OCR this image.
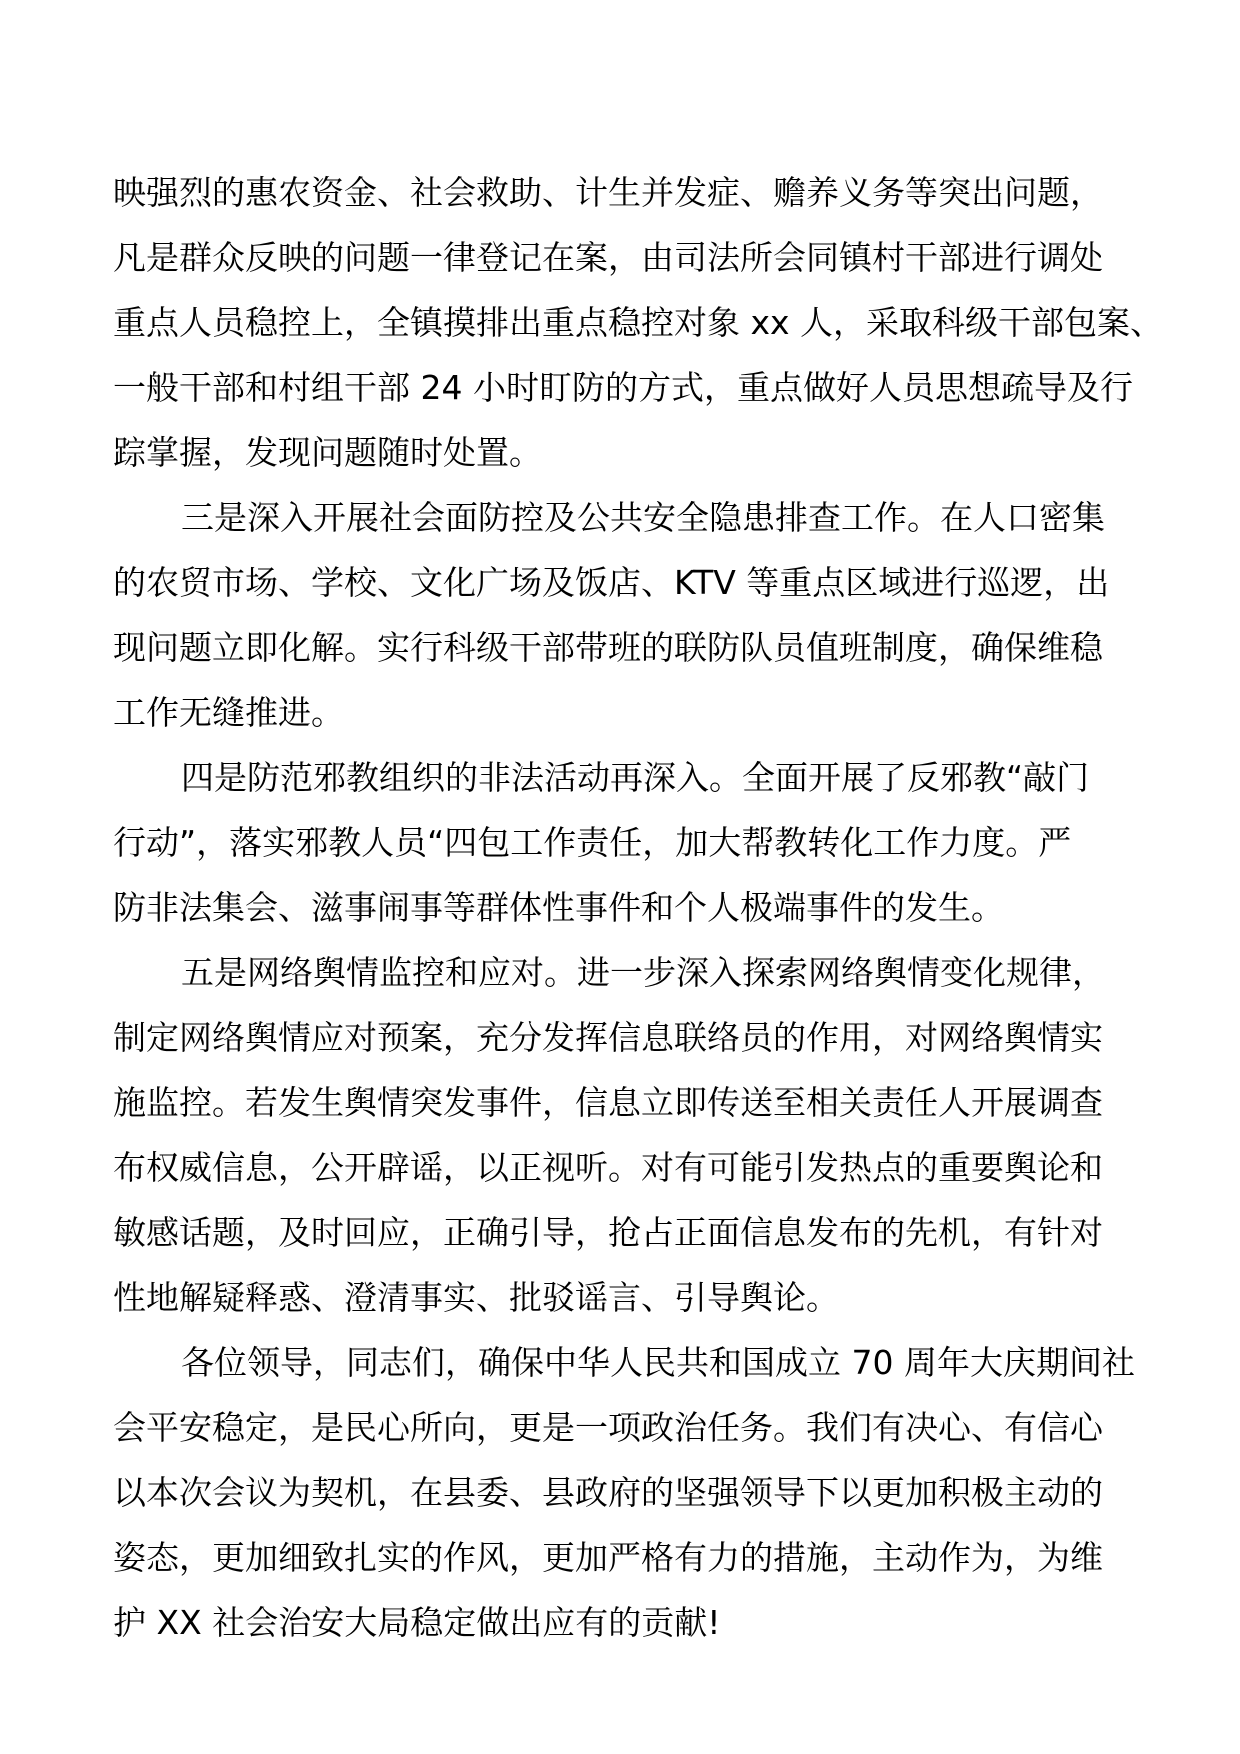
映强烈的惠农资金、社会救助、计生并发症、赡养义务等突出问题，
凡是群众反映的问题一律登记在案，由司法所会同镇村干部进行调处
重点人员稳控上，全镇摸排出重点稳控对象 xx 人，采取科级干部包案、
一般干部和村组干部 24 小时盯防的方式，重点做好人员思想疏导及行
踪掌握，发现问题随时处置。
三是深入开展社会面防控及公共安全隐患排查工作。在人口密集
的农贸市场、学校、文化广场及饭店、KTV 等重点区域进行巡逻，出
现问题立即化解。实行科级干部带班的联防队员值班制度，确保维稳
工作无缝推进。
四是防范邪教组织的非法活动再深入。全面开展了反邪教“敲门
行动”，落实邪教人员“四包工作责任，加大帮教转化工作力度。严
防非法集会、滋事闹事等群体性事件和个人极端事件的发生。
五是网络舆情监控和应对。进一步深入探索网络舆情变化规律，
制定网络舆情应对预案，充分发挥信息联络员的作用，对网络舆情实
施监控。若发生舆情突发事件，信息立即传送至相关责任人开展调查
布权威信息，公开辟谣，以正视听。对有可能引发热点的重要舆论和
敏感话题，及时回应，正确引导，抢占正面信息发布的先机，有针对
性地解疑释惑、澄清事实、批驳谣言、引导舆论。
各位领导，同志们，确保中华人民共和国成立 70 周年大庆期间社
会平安稳定，是民心所向，更是一项政治任务。我们有决心、有信心
以本次会议为契机，在县委、县政府的坚强领导下以更加积极主动的
姿态，更加细致扎实的作风，更加严格有力的措施，主动作为，为维
护 XX 社会治安大局稳定做出应有的贡献!
